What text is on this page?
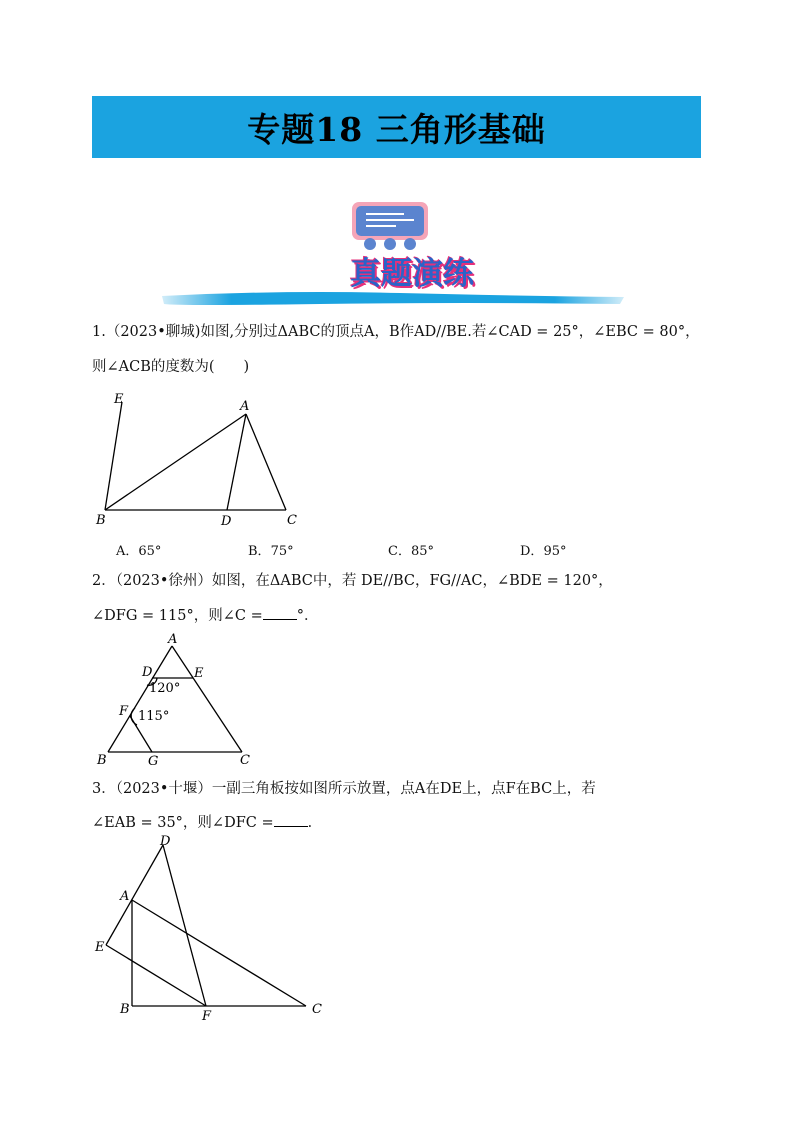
专题18 三角形基础
真题演练
1.（2023•聊城)如图,分别过ΔABC的顶点A，B作AD//BE.若∠CAD = 25°，∠EBC = 80°，
则∠ACB的度数为(　　)
E	A
B	D	C
A．65°	B．75°	C．85°	D．95°
2．（2023•徐州）如图，在ΔABC中，若 DE//BC，FG//AC，∠BDE = 120°，
∠DFG = 115°，则∠C = °．
A
D	E
F
B	G	C
120°
115°
3．（2023•十堰）一副三角板按如图所示放置，点A在DE上，点F在BC上，若
∠EAB = 35°，则∠DFC = ．
D
A
E
B	F	C
